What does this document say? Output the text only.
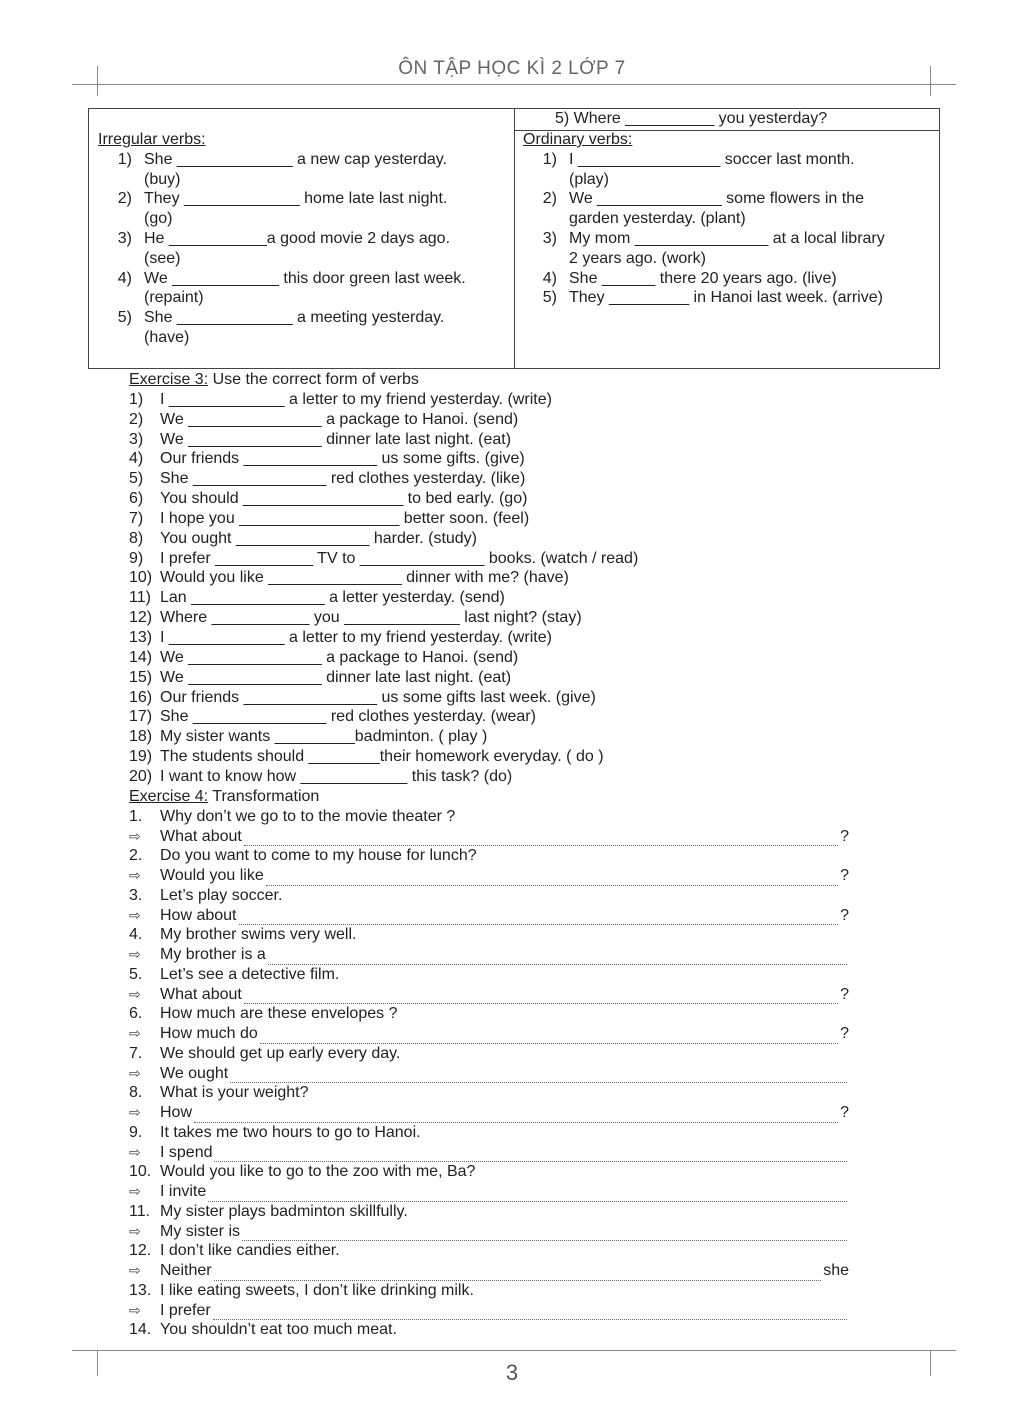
ÔN TẬP HỌC KÌ 2 LỚP 7
5) Where __________ you yesterday?
Irregular verbs:
1) She _____________ a new cap yesterday.
(buy)
2) They _____________ home late last night.
(go)
3) He ___________a good movie 2 days ago.
(see)
4) We ____________ this door green last week.
(repaint)
5) She _____________ a meeting yesterday.
(have)
Ordinary verbs:
1) I ________________ soccer last month.
(play)
2) We ______________ some flowers in the
garden yesterday. (plant)
3) My mom _______________ at a local library
2 years ago. (work)
4) She ______ there 20 years ago. (live)
5) They _________ in Hanoi last week. (arrive)
Exercise 3: Use the correct form of verbs
1)	I _____________ a letter to my friend yesterday. (write)
2)	We _______________ a package to Hanoi. (send)
3)	We _______________ dinner late last night. (eat)
4)	Our friends _______________ us some gifts. (give)
5)	She _______________ red clothes yesterday. (like)
6)	You should __________________ to bed early. (go)
7)	I hope you __________________ better soon. (feel)
8)	You ought _______________ harder. (study)
9)	I prefer ___________ TV to ______________ books. (watch / read)
10) Would you like _______________ dinner with me? (have)
11) Lan _______________ a letter yesterday. (send)
12) Where ___________ you _____________ last night? (stay)
13) I _____________ a letter to my friend yesterday. (write)
14) We _______________ a package to Hanoi. (send)
15) We _______________ dinner late last night. (eat)
16) Our friends _______________ us some gifts last week. (give)
17) She _______________ red clothes yesterday. (wear)
18) My sister wants _________badminton. ( play )
19) The students should ________their homework everyday. ( do )
20) I want to know how ____________ this task? (do)
Exercise 4: Transformation
1.	Why don’t we go to to the movie theater ?
⇨	What about	?
2.	Do you want to come to my house for lunch?
⇨	Would you like	?
3.	Let’s play soccer.
⇨	How about	?
4.	My brother swims very well.
⇨	My brother is a
5.	Let’s see a detective film.
⇨	What about	?
6.	How much are these envelopes ?
⇨	How much do	?
7.	We should get up early every day.
⇨	We ought
8.	What is your weight?
⇨	How	?
9.	It takes me two hours to go to Hanoi.
⇨	I spend
10. Would you like to go to the zoo with me, Ba?
⇨	I invite
11. My sister plays badminton skillfully.
⇨	My sister is
12. I don’t like candies either.
⇨	Neither	she
13. I like eating sweets, I don’t like drinking milk.
⇨	I prefer
14. You shouldn’t eat too much meat.
3
